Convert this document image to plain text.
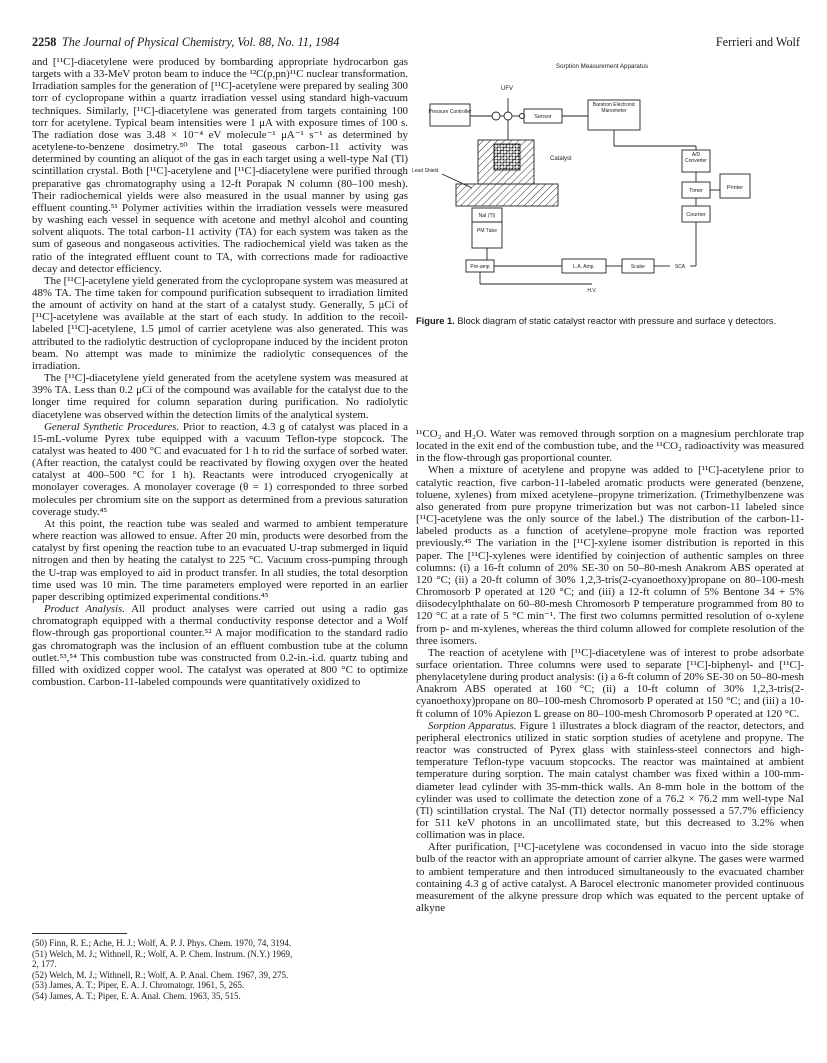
2258 The Journal of Physical Chemistry, Vol. 88, No. 11, 1984	Ferrieri and Wolf

and [¹¹C]-diacetylene were produced by bombarding appropriate hydrocarbon gas targets with a 33-MeV proton beam to induce the ¹²C(p,pn)¹¹C nuclear transformation. Irradiation samples for the generation of [¹¹C]-acetylene were prepared by sealing 300 torr of cyclopropane within a quartz irradiation vessel using standard high-vacuum techniques. Similarly, [¹¹C]-diacetylene was generated from targets containing 100 torr for acetylene. Typical beam intensities were 1 μA with exposure times of 100 s. The radiation dose was 3.48 × 10⁻⁴ eV molecule⁻¹ μA⁻¹ s⁻¹ as determined by acetylene-to-benzene dosimetry.⁵⁰ The total gaseous carbon-11 activity was determined by counting an aliquot of the gas in each target using a well-type NaI (Tl) scintillation crystal. Both [¹¹C]-acetylene and [¹¹C]-diacetylene were purified through preparative gas chromatography using a 12-ft Porapak N column (80–100 mesh). Their radiochemical yields were also measured in the usual manner by using gas effluent counting.⁵¹ Polymer activities within the irradiation vessels were measured by washing each vessel in sequence with acetone and methyl alcohol and counting solvent aliquots. The total carbon-11 activity (TA) for each system was taken as the sum of gaseous and nongaseous activities. The radiochemical yield was taken as the ratio of the integrated effluent count to TA, with corrections made for radioactive decay and detector efficiency.

The [¹¹C]-acetylene yield generated from the cyclopropane system was measured at 48% TA. The time taken for compound purification subsequent to irradiation limited the amount of activity on hand at the start of a catalyst study. Generally, 5 μCi of [¹¹C]-acetylene was available at the start of each study. In addition to the recoil-labeled [¹¹C]-acetylene, 1.5 μmol of carrier acetylene was also generated. This was attributed to the radiolytic destruction of cyclopropane induced by the incident proton beam. No attempt was made to minimize the radiolytic consequences of the irradiation.

The [¹¹C]-diacetylene yield generated from the acetylene system was measured at 39% TA. Less than 0.2 μCi of the compound was available for the catalyst due to the longer time required for column separation during purification. No radiolytic diacetylene was observed within the detection limits of the analytical system.

General Synthetic Procedures. Prior to reaction, 4.3 g of catalyst was placed in a 15-mL-volume Pyrex tube equipped with a vacuum Teflon-type stopcock. The catalyst was heated to 400 °C and evacuated for 1 h to rid the surface of sorbed water. (After reaction, the catalyst could be reactivated by flowing oxygen over the heated catalyst at 400–500 °C for 1 h). Reactants were introduced cryogenically at monolayer coverages. A monolayer coverage (θ = 1) corresponded to three sorbed molecules per chromium site on the support as determined from a previous saturation coverage study.⁴⁵

At this point, the reaction tube was sealed and warmed to ambient temperature where reaction was allowed to ensue. After 20 min, products were desorbed from the catalyst by first opening the reaction tube to an evacuated U-trap submerged in liquid nitrogen and then by heating the catalyst to 225 °C. Vacuum cross-pumping through the U-trap was employed to aid in product transfer. In all studies, the total desorption time used was 10 min. The time parameters employed were reported in an earlier paper describing optimized experimental conditions.⁴⁵

Product Analysis. All product analyses were carried out using a radio gas chromatograph equipped with a thermal conductivity response detector and a Wolf flow-through gas proportional counter.⁵² A major modification to the standard radio gas chromatograph was the inclusion of an effluent combustion tube at the column outlet.⁵³,⁵⁴ This combustion tube was constructed from 0.2-in.-i.d. quartz tubing and filled with oxidized copper wool. The catalyst was operated at 800 °C to optimize combustion. Carbon-11-labeled compounds were quantitatively oxidized to

(50) Finn, R. E.; Ache, H. J.; Wolf, A. P. J. Phys. Chem. 1970, 74, 3194.
(51) Welch, M. J.; Withnell, R.; Wolf, A. P. Chem. Instrum. (N.Y.) 1969,
2, 177.
(52) Welch, M. J.; Withnell, R.; Wolf, A. P. Anal. Chem. 1967, 39, 275.
(53) James, A. T.; Piper, E. A. J. Chromatogr. 1961, 5, 265.
(54) James, A. T.; Piper, E. A. Anal. Chem. 1963, 35, 515.
Sorption Measurement Apparatus
UFV
Pressure Controller
Sensor
Baratron Electronic Manometer
Catalyst
Lead Shield
NaI (Tl)
PM Tube
Pre-amp	L.A. Amp.	Scaler	SCA
H.V.
A/D Converter
Timer
Counter
Printer
Figure 1. Block diagram of static catalyst reactor with pressure and surface γ detectors.

¹¹CO₂ and H₂O. Water was removed through sorption on a magnesium perchlorate trap located in the exit end of the combustion tube, and the ¹¹CO₂ radioactivity was measured in the flow-through gas proportional counter.

When a mixture of acetylene and propyne was added to [¹¹C]-acetylene prior to catalytic reaction, five carbon-11-labeled aromatic products were generated (benzene, toluene, xylenes) from mixed acetylene–propyne trimerization. (Trimethylbenzene was also generated from pure propyne trimerization but was not carbon-11 labeled since [¹¹C]-acetylene was the only source of the label.) The distribution of the carbon-11-labeled products as a function of acetylene–propyne mole fraction was reported previously.⁴⁵ The variation in the [¹¹C]-xylene isomer distribution is reported in this paper. The [¹¹C]-xylenes were identified by coinjection of authentic samples on three columns: (i) a 16-ft column of 20% SE-30 on 50–80-mesh Anakrom ABS operated at 120 °C; (ii) a 20-ft column of 30% 1,2,3-tris(2-cyanoethoxy)propane on 80–100-mesh Chromosorb P operated at 120 °C; and (iii) a 12-ft column of 5% Bentone 34 + 5% diisodecylphthalate on 60–80-mesh Chromosorb P temperature programmed from 80 to 120 °C at a rate of 5 °C min⁻¹. The first two columns permitted resolution of o-xylene from p- and m-xylenes, whereas the third column allowed for complete resolution of the three isomers.

The reaction of acetylene with [¹¹C]-diacetylene was of interest to probe adsorbate surface orientation. Three columns were used to separate [¹¹C]-biphenyl- and [¹¹C]-phenylacetylene during product analysis: (i) a 6-ft column of 20% SE-30 on 50–80-mesh Anakrom ABS operated at 160 °C; (ii) a 10-ft column of 30% 1,2,3-tris(2-cyanoethoxy)propane on 80–100-mesh Chromosorb P operated at 150 °C; and (iii) a 10-ft column of 10% Apiezon L grease on 80–100-mesh Chromosorb P operated at 120 °C.

Sorption Apparatus. Figure 1 illustrates a block diagram of the reactor, detectors, and peripheral electronics utilized in static sorption studies of acetylene and propyne. The reactor was constructed of Pyrex glass with stainless-steel connectors and high-temperature Teflon-type vacuum stopcocks. The reactor was maintained at ambient temperature during sorption. The main catalyst chamber was fixed within a 100-mm-diameter lead cylinder with 35-mm-thick walls. An 8-mm hole in the bottom of the cylinder was used to collimate the detection zone of a 76.2 × 76.2 mm well-type NaI (Tl) scintillation crystal. The NaI (Tl) detector normally possessed a 57.7% efficiency for 511 keV photons in an uncollimated state, but this decreased to 3.2% when collimation was in place.

After purification, [¹¹C]-acetylene was cocondensed in vacuo into the side storage bulb of the reactor with an appropriate amount of carrier alkyne. The gases were warmed to ambient temperature and then introduced simultaneously to the evacuated chamber containing 4.3 g of active catalyst. A Barocel electronic manometer provided continuous measurement of the alkyne pressure drop which was equated to the percent uptake of alkyne
